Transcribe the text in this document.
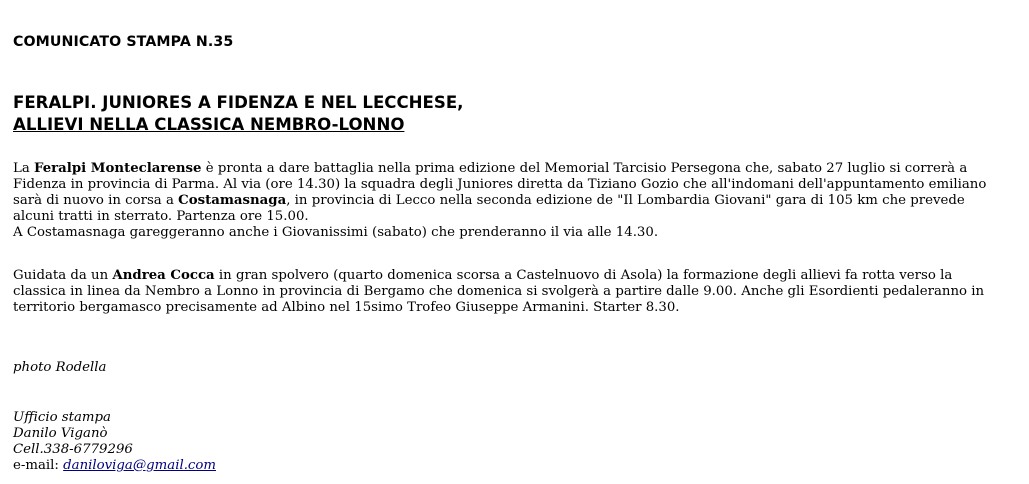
COMUNICATO STAMPA N.35

FERALPI. JUNIORES A FIDENZA E NEL LECCHESE,
ALLIEVI NELLA CLASSICA NEMBRO-LONNO

La Feralpi Monteclarense è pronta a dare battaglia nella prima edizione del Memorial Tarcisio Persegona che, sabato 27 luglio si correrà a
Fidenza in provincia di Parma. Al via (ore 14.30) la squadra degli Juniores diretta da Tiziano Gozio che all'indomani dell'appuntamento emiliano
sarà di nuovo in corsa a Costamasnaga, in provincia di Lecco nella seconda edizione de "Il Lombardia Giovani" gara di 105 km che prevede
alcuni tratti in sterrato. Partenza ore 15.00.
A Costamasnaga gareggeranno anche i Giovanissimi (sabato) che prenderanno il via alle 14.30.

Guidata da un Andrea Cocca in gran spolvero (quarto domenica scorsa a Castelnuovo di Asola) la formazione degli allievi fa rotta verso la
classica in linea da Nembro a Lonno in provincia di Bergamo che domenica si svolgerà a partire dalle 9.00. Anche gli Esordienti pedaleranno in
territorio bergamasco precisamente ad Albino nel 15simo Trofeo Giuseppe Armanini. Starter 8.30.

photo Rodella

Ufficio stampa
Danilo Viganò
Cell.338-6779296
e-mail: daniloviga@gmail.com
